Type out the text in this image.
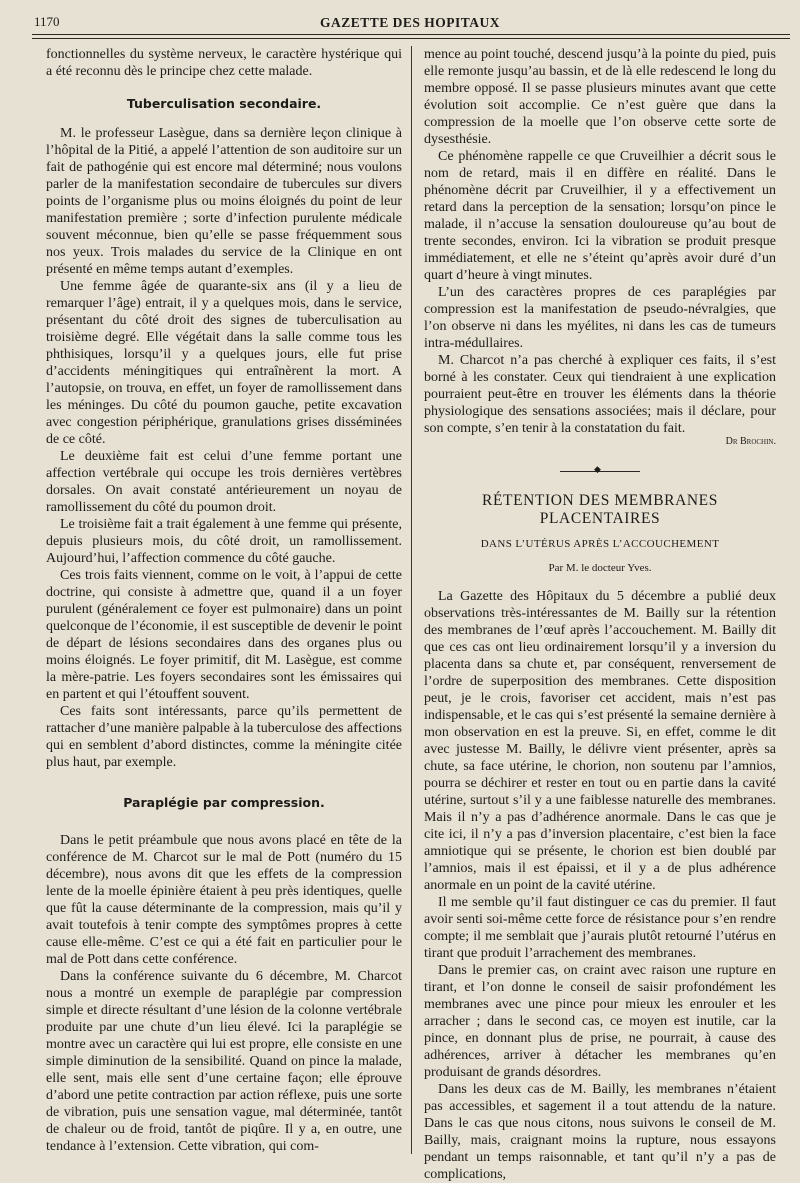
1170	GAZETTE DES HOPITAUX

fonctionnelles du système nerveux, le caractère hystérique qui a été reconnu dès le principe chez cette malade.

Tuberculisation secondaire.

M. le professeur Lasègue, dans sa dernière leçon clinique à l’hôpital de la Pitié, a appelé l’attention de son auditoire sur un fait de pathogénie qui est encore mal déterminé; nous voulons parler de la manifestation secondaire de tubercules sur divers points de l’organisme plus ou moins éloignés du point de leur manifestation première ; sorte d’infection purulente médicale souvent méconnue, bien qu’elle se passe fréquemment sous nos yeux. Trois malades du service de la Clinique en ont présenté en même temps autant d’exemples.

Une femme âgée de quarante-six ans (il y a lieu de remarquer l’âge) entrait, il y a quelques mois, dans le service, présentant du côté droit des signes de tuberculisation au troisième degré. Elle végétait dans la salle comme tous les phthisiques, lorsqu’il y a quelques jours, elle fut prise d’accidents méningitiques qui entraînèrent la mort. A l’autopsie, on trouva, en effet, un foyer de ramollissement dans les méninges. Du côté du poumon gauche, petite excavation avec congestion périphérique, granulations grises disséminées de ce côté.

Le deuxième fait est celui d’une femme portant une affection vertébrale qui occupe les trois dernières vertèbres dorsales. On avait constaté antérieurement un noyau de ramollissement du côté du poumon droit.

Le troisième fait a trait également à une femme qui présente, depuis plusieurs mois, du côté droit, un ramollissement. Aujourd’hui, l’affection commence du côté gauche.

Ces trois faits viennent, comme on le voit, à l’appui de cette doctrine, qui consiste à admettre que, quand il a un foyer purulent (généralement ce foyer est pulmonaire) dans un point quelconque de l’économie, il est susceptible de devenir le point de départ de lésions secondaires dans des organes plus ou moins éloignés. Le foyer primitif, dit M. Lasègue, est comme la mère-patrie. Les foyers secondaires sont les émissaires qui en partent et qui l’étouffent souvent.

Ces faits sont intéressants, parce qu’ils permettent de rattacher d’une manière palpable à la tuberculose des affections qui en semblent d’abord distinctes, comme la méningite citée plus haut, par exemple.

Paraplégie par compression.

Dans le petit préambule que nous avons placé en tête de la conférence de M. Charcot sur le mal de Pott (numéro du 15 décembre), nous avons dit que les effets de la compression lente de la moelle épinière étaient à peu près identiques, quelle que fût la cause déterminante de la compression, mais qu’il y avait toutefois à tenir compte des symptômes propres à cette cause elle-même. C’est ce qui a été fait en particulier pour le mal de Pott dans cette conférence.

Dans la conférence suivante du 6 décembre, M. Charcot nous a montré un exemple de paraplégie par compression simple et directe résultant d’une lésion de la colonne vertébrale produite par une chute d’un lieu élevé. Ici la paraplégie se montre avec un caractère qui lui est propre, elle consiste en une simple diminution de la sensibilité. Quand on pince la malade, elle sent, mais elle sent d’une certaine façon; elle éprouve d’abord une petite contraction par action réflexe, puis une sorte de vibration, puis une sensation vague, mal déterminée, tantôt de chaleur ou de froid, tantôt de piqûre. Il y a, en outre, une tendance à l’extension. Cette vibration, qui com-

mence au point touché, descend jusqu’à la pointe du pied, puis elle remonte jusqu’au bassin, et de là elle redescend le long du membre opposé. Il se passe plusieurs minutes avant que cette évolution soit accomplie. Ce n’est guère que dans la compression de la moelle que l’on observe cette sorte de dysesthésie.

Ce phénomène rappelle ce que Cruveilhier a décrit sous le nom de retard, mais il en diffère en réalité. Dans le phénomène décrit par Cruveilhier, il y a effectivement un retard dans la perception de la sensation; lorsqu’on pince le malade, il n’accuse la sensation douloureuse qu’au bout de trente secondes, environ. Ici la vibration se produit presque immédiatement, et elle ne s’éteint qu’après avoir duré d’un quart d’heure à vingt minutes.

L’un des caractères propres de ces paraplégies par compression est la manifestation de pseudo-névralgies, que l’on observe ni dans les myélites, ni dans les cas de tumeurs intra-médullaires.

M. Charcot n’a pas cherché à expliquer ces faits, il s’est borné à les constater. Ceux qui tiendraient à une explication pourraient peut-être en trouver les éléments dans la théorie physiologique des sensations associées; mais il déclare, pour son compte, s’en tenir à la constatation du fait.

Dr Brochin.
◆
RÉTENTION DES MEMBRANES PLACENTAIRES
DANS L’UTÉRUS APRÈS L’ACCOUCHEMENT
Par M. le docteur Yves.

La Gazette des Hôpitaux du 5 décembre a publié deux observations très-intéressantes de M. Bailly sur la rétention des membranes de l’œuf après l’accouchement. M. Bailly dit que ces cas ont lieu ordinairement lorsqu’il y a inversion du placenta dans sa chute et, par conséquent, renversement de l’ordre de superposition des membranes. Cette disposition peut, je le crois, favoriser cet accident, mais n’est pas indispensable, et le cas qui s’est présenté la semaine dernière à mon observation en est la preuve. Si, en effet, comme le dit avec justesse M. Bailly, le délivre vient présenter, après sa chute, sa face utérine, le chorion, non soutenu par l’amnios, pourra se déchirer et rester en tout ou en partie dans la cavité utérine, surtout s’il y a une faiblesse naturelle des membranes. Mais il n’y a pas d’adhérence anormale. Dans le cas que je cite ici, il n’y a pas d’inversion placentaire, c’est bien la face amniotique qui se présente, le chorion est bien doublé par l’amnios, mais il est épaissi, et il y a de plus adhérence anormale en un point de la cavité utérine.

Il me semble qu’il faut distinguer ce cas du premier. Il faut avoir senti soi-même cette force de résistance pour s’en rendre compte; il me semblait que j’aurais plutôt retourné l’utérus en tirant que produit l’arrachement des membranes.

Dans le premier cas, on craint avec raison une rupture en tirant, et l’on donne le conseil de saisir profondément les membranes avec une pince pour mieux les enrouler et les arracher ; dans le second cas, ce moyen est inutile, car la pince, en donnant plus de prise, ne pourrait, à cause des adhérences, arriver à détacher les membranes qu’en produisant de grands désordres.

Dans les deux cas de M. Bailly, les membranes n’étaient pas accessibles, et sagement il a tout attendu de la nature. Dans le cas que nous citons, nous suivons le conseil de M. Bailly, mais, craignant moins la rupture, nous essayons pendant un temps raisonnable, et tant qu’il n’y a pas de complications,
